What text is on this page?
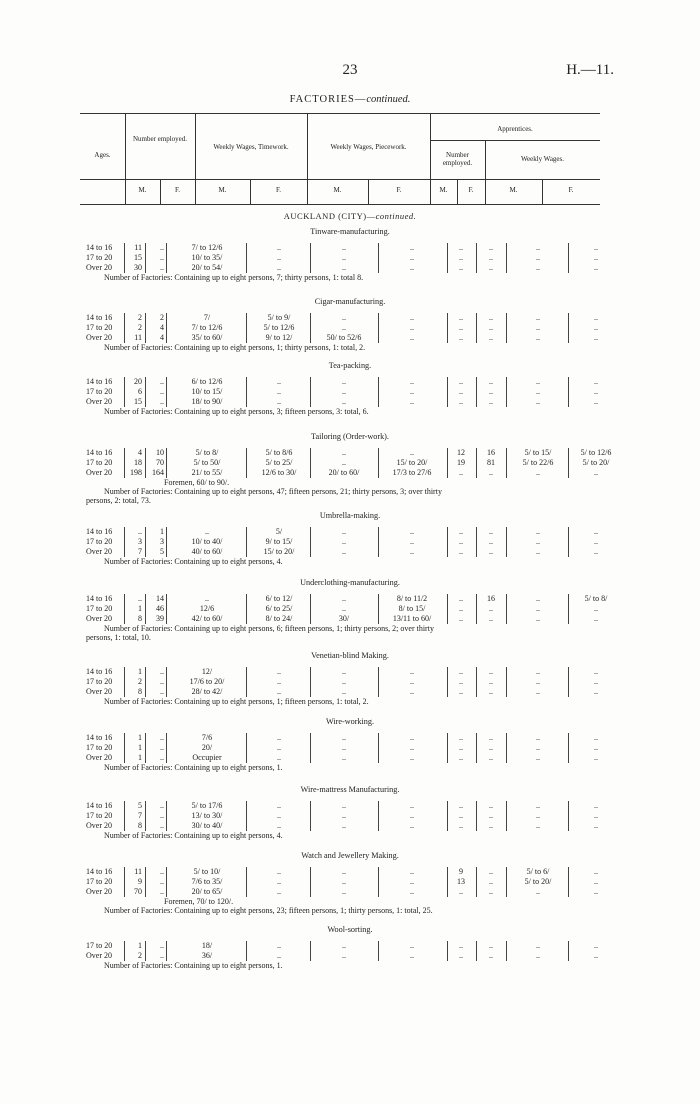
23	H.—11.
FACTORIES—continued.
Ages.
Number employed.
Weekly Wages, Timework.	Weekly Wages, Piecework.
Apprentices.
Number employed.
Weekly Wages.
M.	F.	M.	F.	M.	F.	M.	F.	M.	F.
AUCKLAND (CITY)—continued.
Tinware-manufacturing.
14 to 16	11	..	7/ to 12/6	..	..	..	..	..	..	..
17 to 20	15	..	10/ to 35/	..	..	..	..	..	..	..
Over 20	30	..	20/ to 54/	..	..	..	..	..	..	..
Number of Factories: Containing up to eight persons, 7; thirty persons, 1: total 8.
Cigar-manufacturing.
14 to 16	2	2	7/	5/ to 9/	..	..	..	..	..	..
17 to 20	2	4	7/ to 12/6	5/ to 12/6	..	..	..	..	..	..
Over 20	11	4	35/ to 60/	9/ to 12/	50/ to 52/6	..	..	..	..	..
Number of Factories: Containing up to eight persons, 1; thirty persons, 1: total, 2.
Tea-packing.
14 to 16	20	..	6/ to 12/6	..	..	..	..	..	..	..
17 to 20	6	..	10/ to 15/	..	..	..	..	..	..	..
Over 20	15	..	18/ to 90/	..	..	..	..	..	..	..
Number of Factories: Containing up to eight persons, 3; fifteen persons, 3: total, 6.
Tailoring (Order-work).
14 to 16	4	10	5/ to 8/	5/ to 8/6	..	..	12	16	5/ to 15/	5/ to 12/6
17 to 20	18	70	5/ to 50/	5/ to 25/	..	15/ to 20/	19	81	5/ to 22/6	5/ to 20/
Over 20	198	164	21/ to 55/	12/6 to 30/	20/ to 60/	17/3 to 27/6	..	..	..	..
Foremen, 60/ to 90/.
Number of Factories: Containing up to eight persons, 47; fifteen persons, 21; thirty persons, 3; over thirty
persons, 2: total, 73.
Umbrella-making.
14 to 16	..	1	..	5/	..	..	..	..	..	..
17 to 20	3	3	10/ to 40/	9/ to 15/	..	..	..	..	..	..
Over 20	7	5	40/ to 60/	15/ to 20/	..	..	..	..	..	..
Number of Factories: Containing up to eight persons, 4.
Underclothing-manufacturing.
14 to 16	..	14	..	6/ to 12/	..	8/ to 11/2	..	16	..	5/ to 8/
17 to 20	1	46	12/6	6/ to 25/	..	8/ to 15/	..	..	..	..
Over 20	8	39	42/ to 60/	8/ to 24/	30/	13/11 to 60/	..	..	..	..
Number of Factories: Containing up to eight persons, 6; fifteen persons, 1; thirty persons, 2; over thirty
persons, 1: total, 10.
Venetian-blind Making.
14 to 16	1	..	12/	..	..	..	..	..	..	..
17 to 20	2	..	17/6 to 20/	..	..	..	..	..	..	..
Over 20	8	..	28/ to 42/	..	..	..	..	..	..	..
Number of Factories: Containing up to eight persons, 1; fifteen persons, 1: total, 2.
Wire-working.
14 to 16	1	..	7/6	..	..	..	..	..	..	..
17 to 20	1	..	20/	..	..	..	..	..	..	..
Over 20	1	..	Occupier	..	..	..	..	..	..	..
Number of Factories: Containing up to eight persons, 1.
Wire-mattress Manufacturing.
14 to 16	5	..	5/ to 17/6	..	..	..	..	..	..	..
17 to 20	7	..	13/ to 30/	..	..	..	..	..	..	..
Over 20	8	..	30/ to 40/	..	..	..	..	..	..	..
Number of Factories: Containing up to eight persons, 4.
Watch and Jewellery Making.
14 to 16	11	..	5/ to 10/	..	..	..	9	..	5/ to 6/	..
17 to 20	9	..	7/6 to 35/	..	..	..	13	..	5/ to 20/	..
Over 20	70	..	20/ to 65/	..	..	..	..	..	..	..
Foremen, 70/ to 120/.
Number of Factories: Containing up to eight persons, 23; fifteen persons, 1; thirty persons, 1: total, 25.
Wool-sorting.
17 to 20	1	..	18/	..	..	..	..	..	..	..
Over 20	2	..	36/	..	..	..	..	..	..	..
Number of Factories: Containing up to eight persons, 1.
